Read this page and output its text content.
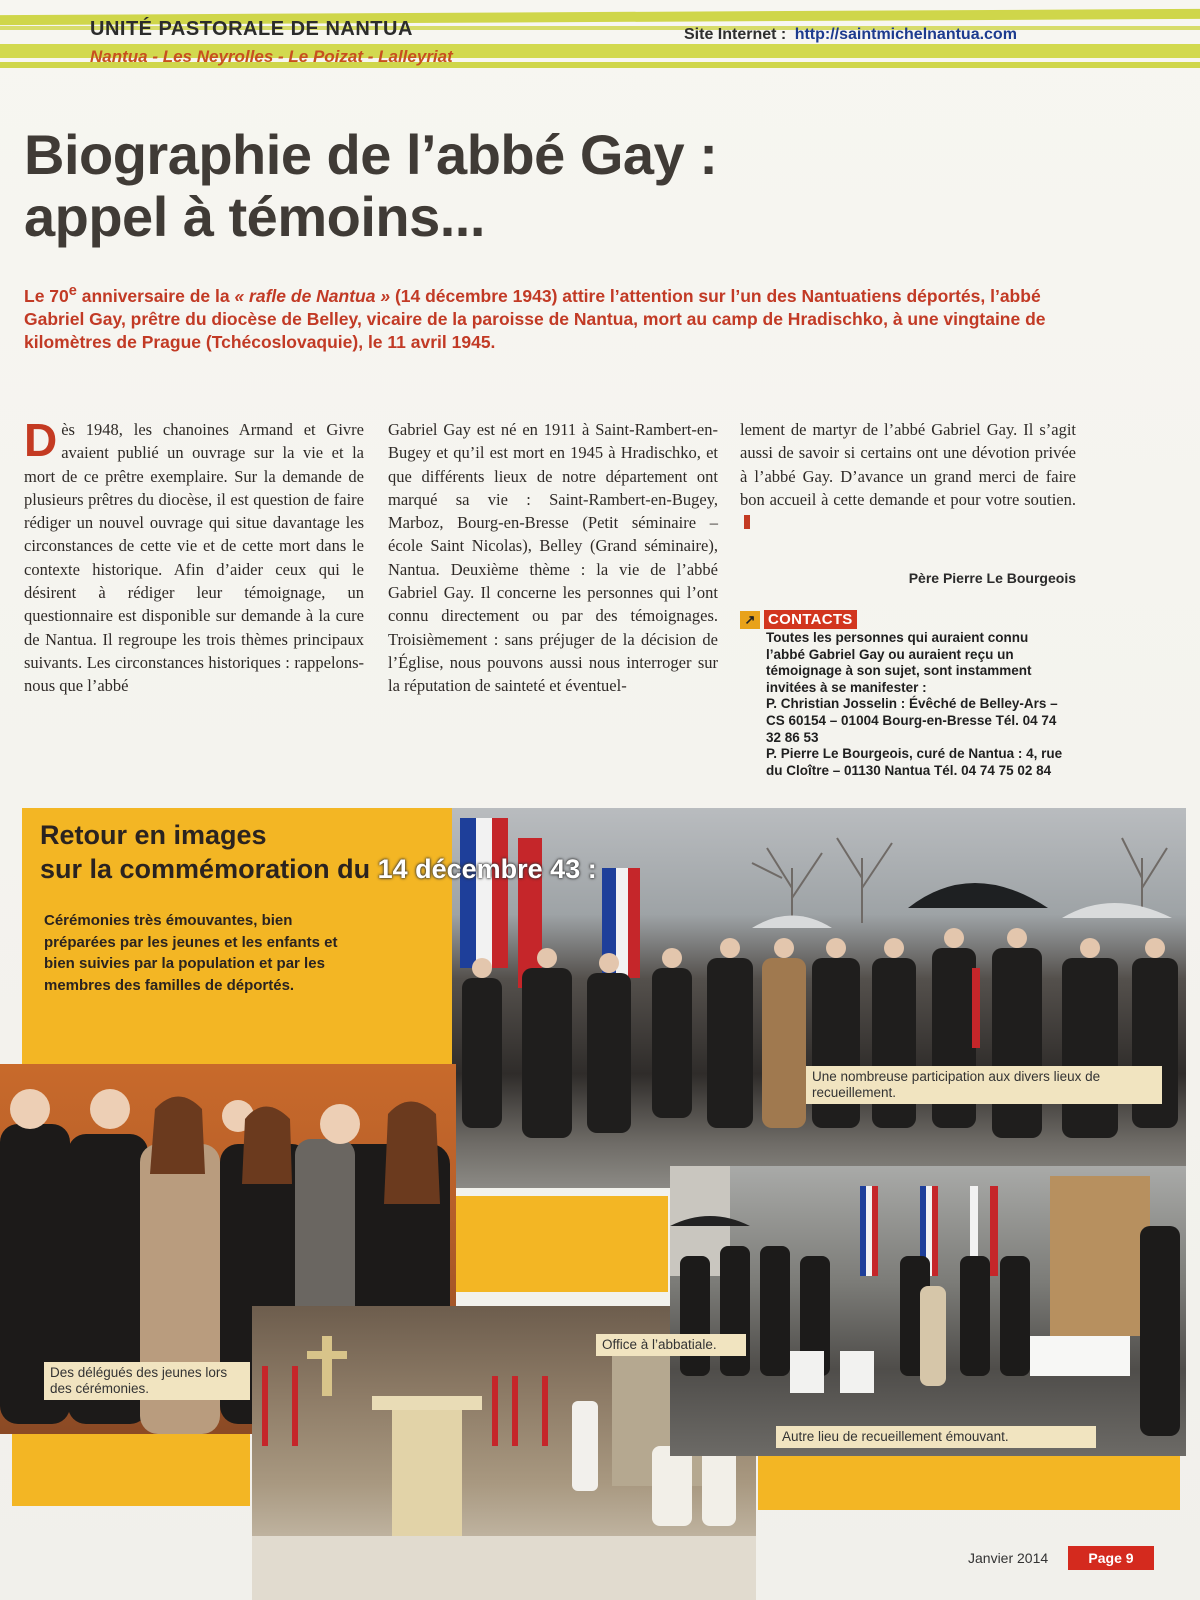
UNITÉ PASTORALE DE NANTUA
Nantua - Les Neyrolles - Le Poizat - Lalleyriat
Site Internet : http://saintmichelnantua.com
Biographie de l’abbé Gay :
appel à témoins...

Le 70e anniversaire de la « rafle de Nantua » (14 décembre 1943) attire l’attention sur l’un des Nantuatiens déportés, l’abbé Gabriel Gay, prêtre du diocèse de Belley, vicaire de la paroisse de Nantua, mort au camp de Hradischko, à une vingtaine de kilomètres de Prague (Tchécoslovaquie), le 11 avril 1945.

Dès 1948, les chanoines Armand et Givre avaient publié un ouvrage sur la vie et la mort de ce prêtre exemplaire. Sur la demande de plusieurs prêtres du diocèse, il est question de faire rédiger un nouvel ouvrage qui situe davantage les circonstances de cette vie et de cette mort dans le contexte historique. Afin d’aider ceux qui le désirent à rédiger leur témoignage, un questionnaire est disponible sur demande à la cure de Nantua. Il regroupe les trois thèmes principaux suivants. Les circonstances historiques : rappelons-nous que l’abbé
Gabriel Gay est né en 1911 à Saint-Rambert-en-Bugey et qu’il est mort en 1945 à Hradischko, et que différents lieux de notre département ont marqué sa vie : Saint-Rambert-en-Bugey, Marboz, Bourg-en-Bresse (Petit séminaire – école Saint Nicolas), Belley (Grand séminaire), Nantua. Deuxième thème : la vie de l’abbé Gabriel Gay. Il concerne les personnes qui l’ont connu directement ou par des témoignages. Troisièmement : sans préjuger de la décision de l’Église, nous pouvons aussi nous interroger sur la réputation de sainteté et éventuel-
lement de martyr de l’abbé Gabriel Gay. Il s’agit aussi de savoir si certains ont une dévotion privée à l’abbé Gay. D’avance un grand merci de faire bon accueil à cette demande et pour votre soutien.
Père Pierre Le Bourgeois
↗ CONTACTS
Toutes les personnes qui auraient connu l’abbé Gabriel Gay ou auraient reçu un témoignage à son sujet, sont instamment invitées à se manifester :
P. Christian Josselin : Évêché de Belley-Ars – CS 60154 – 01004 Bourg-en-Bresse Tél. 04 74 32 86 53
P. Pierre Le Bourgeois, curé de Nantua : 4, rue du Cloître – 01130 Nantua Tél. 04 74 75 02 84
Retour en images
sur la commémoration du 14 décembre 43 :
Cérémonies très émouvantes, bien préparées par les jeunes et les enfants et bien suivies par la population et par les membres des familles de déportés.
Une nombreuse participation aux divers lieux de recueillement.
Des délégués des jeunes lors des cérémonies.
Office à l’abbatiale.
Autre lieu de recueillement émouvant.
Janvier 2014	Page 9
